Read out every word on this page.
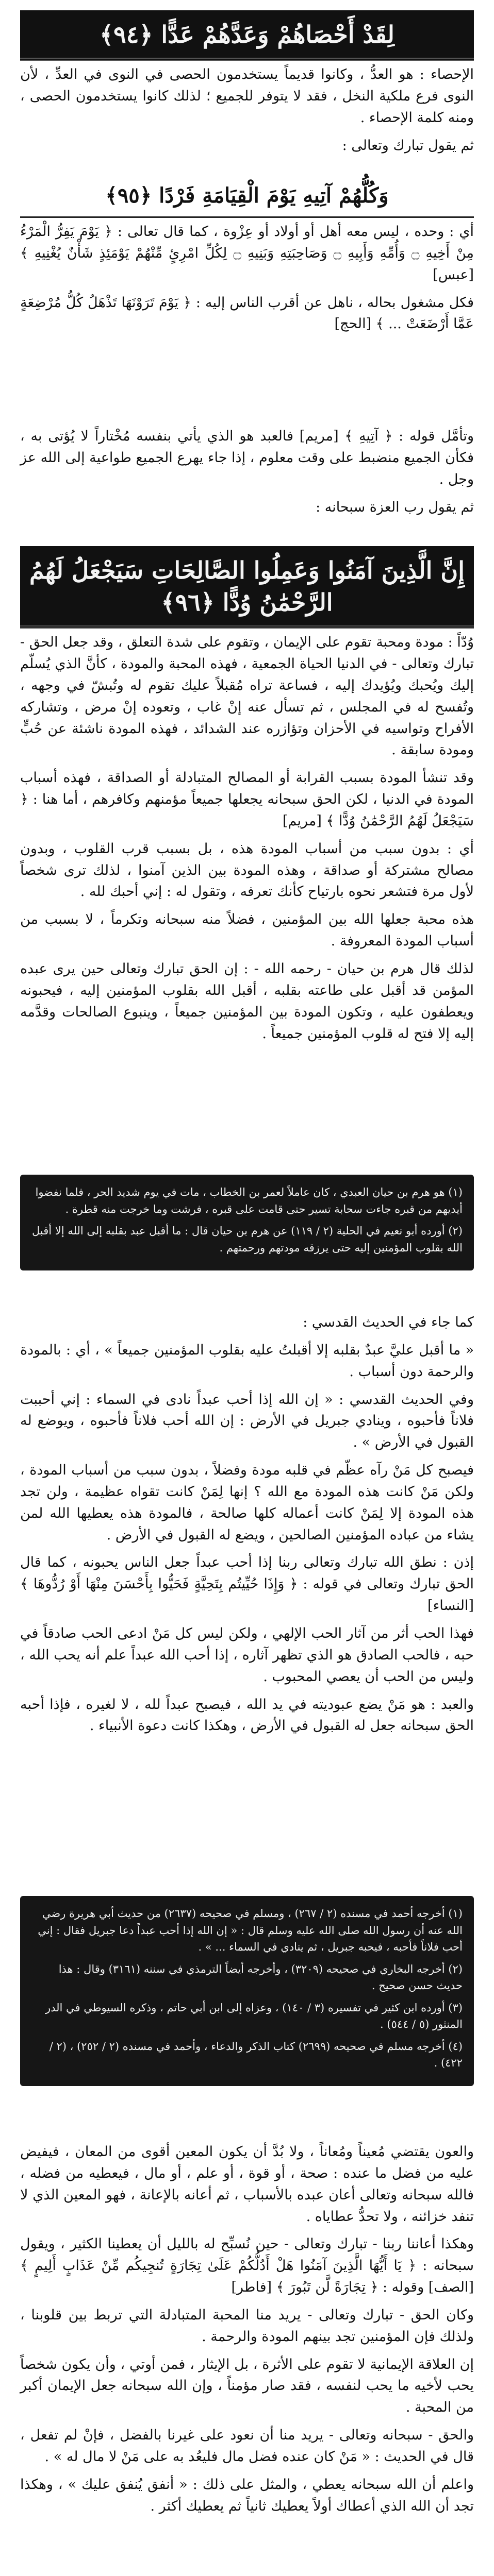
لِقَدْ أَحْصَاهُمْ وَعَدَّهُمْ عَدًّا ﴿٩٤﴾
الإحصاء : هو العدُّ ، وكانوا قديماً يستخدمون الحصى في النوى في العدِّ ، لأن النوى فرع ملكية النخل ، فقد لا يتوفر للجميع ؛ لذلك كانوا يستخدمون الحصى ، ومنه كلمة الإحصاء .
ثم يقول تبارك وتعالى :
وَكُلُّهُمْ آتِيهِ يَوْمَ الْقِيَامَةِ فَرْدًا ﴿٩٥﴾
أي : وحده ، ليس معه أهل أو أولاد أو عِزْوة ، كما قال تعالى : ﴿ يَوْمَ يَفِرُّ الْمَرْءُ مِنْ أَخِيهِ ۝ وَأُمِّهِ وَأَبِيهِ ۝ وَصَاحِبَتِهِ وَبَنِيهِ ۝ لِكُلِّ امْرِئٍ مِّنْهُمْ يَوْمَئِذٍ شَأْنٌ يُغْنِيهِ ﴾ [عبس]
فكل مشغول بحاله ، ناهل عن أقرب الناس إليه : ﴿ يَوْمَ تَرَوْنَهَا تَذْهَلُ كُلُّ مُرْضِعَةٍ عَمَّا أَرْضَعَتْ ... ﴾ [الحج]
وتأمَّل قوله : ﴿ آتِيهِ ﴾ [مريم] فالعبد هو الذي يأتي بنفسه مُخْتاراً لا يُؤتى به ، فكأن الجميع منضبط على وقت معلوم ، إذا جاء يهرع الجميع طواعية إلى الله عز وجل .
ثم يقول رب العزة سبحانه :
إِنَّ الَّذِينَ آمَنُوا وَعَمِلُوا الصَّالِحَاتِ سَيَجْعَلُ لَهُمُ الرَّحْمَٰنُ وُدًّا ﴿٩٦﴾
وُدّاً : مودة ومحبة تقوم على الإيمان ، وتقوم على شدة التعلق ، وقد جعل الحق - تبارك وتعالى - في الدنيا الحياة الجمعية ، فهذه المحبة والمودة ، كأنَّ الذي يُسلّم إليك ويُحبك ويُؤيدك إليه ، فساعة تراه مُقبلاً عليك تقوم له وتُبشّ في وجهه ، وتُفسح له في المجلس ، ثم تسأل عنه إنْ غاب ، وتعوده إنْ مرض ، وتشاركه الأفراح وتواسيه في الأحزان وتؤازره عند الشدائد ، فهذه المودة ناشئة عن حُبٍّ ومودة سابقة .
وقد تنشأ المودة بسبب القرابة أو المصالح المتبادلة أو الصداقة ، فهذه أسباب المودة في الدنيا ، لكن الحق سبحانه يجعلها جميعاً مؤمنهم وكافرهم ، أما هنا : ﴿ سَيَجْعَلُ لَهُمُ الرَّحْمَٰنُ وُدًّا ﴾ [مريم]
أي : بدون سبب من أسباب المودة هذه ، بل بسبب قرب القلوب ، وبدون مصالح مشتركة أو صداقة ، وهذه المودة بين الذين آمنوا ، لذلك ترى شخصاً لأول مرة فتشعر نحوه بارتياح كأنك تعرفه ، وتقول له : إني أحبك لله .
هذه محبة جعلها الله بين المؤمنين ، فضلاً منه سبحانه وتكرماً ، لا بسبب من أسباب المودة المعروفة .
لذلك قال هرم بن حيان - رحمه الله - : إن الحق تبارك وتعالى حين يرى عبده المؤمن قد أقبل على طاعته بقلبه ، أقبل الله بقلوب المؤمنين إليه ، فيحبونه ويعطفون عليه ، وتكون المودة بين المؤمنين جميعاً ، وينبوع الصالحات وقدَّمه إليه إلا فتح له قلوب المؤمنين جميعاً .
(١) هو هرم بن حيان العبدي ، كان عاملاً لعمر بن الخطاب ، مات في يوم شديد الحر ، فلما نفضوا أيديهم من قبره جاءت سحابة تسير حتى قامت على قبره ، فرشت وما خرجت منه قطرة .
(٢) أورده أبو نعيم في الحلية (٢ / ١١٩) عن هرم بن حيان قال : ما أقبل عبد بقلبه إلى الله إلا أقبل الله بقلوب المؤمنين إليه حتى يرزقه مودتهم ورحمتهم .
كما جاء في الحديث القدسي :
« ما أقبل عليَّ عبدٌ بقلبه إلا أقبلتُ عليه بقلوب المؤمنين جميعاً » ، أي : بالمودة والرحمة دون أسباب .
وفي الحديث القدسي : « إن الله إذا أحب عبداً نادى في السماء : إني أحببت فلاناً فأحبوه ، وينادي جبريل في الأرض : إن الله أحب فلاناً فأحبوه ، ويوضع له القبول في الأرض » .
فيصبح كل مَنْ رآه عظّم في قلبه مودة وفضلاً ، بدون سبب من أسباب المودة ، ولكن مَنْ كانت هذه المودة مع الله ؟ إنها لِمَنْ كانت تقواه عظيمة ، ولن تجد هذه المودة إلا لِمَنْ كانت أعماله كلها صالحة ، فالمودة هذه يعطيها الله لمن يشاء من عباده المؤمنين الصالحين ، ويضع له القبول في الأرض .
إذن : نطق الله تبارك وتعالى ربنا إذا أحب عبداً جعل الناس يحبونه ، كما قال الحق تبارك وتعالى في قوله : ﴿ وَإِذَا حُيِّيتُم بِتَحِيَّةٍ فَحَيُّوا بِأَحْسَنَ مِنْهَا أَوْ رُدُّوهَا ﴾ [النساء]
فهذا الحب أثر من آثار الحب الإلهي ، ولكن ليس كل مَنْ ادعى الحب صادقاً في حبه ، فالحب الصادق هو الذي تظهر آثاره ، إذا أحب الله عبداً علم أنه يحب الله ، وليس من الحب أن يعصي المحبوب .
والعبد : هو مَنْ يضع عبوديته في يد الله ، فيصبح عبداً لله ، لا لغيره ، فإذا أحبه الحق سبحانه جعل له القبول في الأرض ، وهكذا كانت دعوة الأنبياء .
(١) أخرجه أحمد في مسنده (٢ / ٢٦٧) ، ومسلم في صحيحه (٢٦٣٧) من حديث أبي هريرة رضي الله عنه أن رسول الله صلى الله عليه وسلم قال : « إن الله إذا أحب عبداً دعا جبريل فقال : إني أحب فلاناً فأحبه ، فيحبه جبريل ، ثم ينادي في السماء ... » .
(٢) أخرجه البخاري في صحيحه (٣٢٠٩) ، وأخرجه أيضاً الترمذي في سننه (٣١٦١) وقال : هذا حديث حسن صحيح .
(٣) أورده ابن كثير في تفسيره (٣ / ١٤٠) ، وعزاه إلى ابن أبي حاتم ، وذكره السيوطي في الدر المنثور (٥ / ٥٤٤) .
(٤) أخرجه مسلم في صحيحه (٢٦٩٩) كتاب الذكر والدعاء ، وأحمد في مسنده (٢ / ٢٥٢) ، (٢ / ٤٢٢) .
والعون يقتضي مُعيناً ومُعاناً ، ولا بُدَّ أن يكون المعين أقوى من المعان ، فيفيض عليه من فضل ما عنده : صحة ، أو قوة ، أو علم ، أو مال ، فيعطيه من فضله ، فالله سبحانه وتعالى أعان عبده بالأسباب ، ثم أعانه بالإعانة ، فهو المعين الذي لا تنفد خزائنه ، ولا تحدُّ عطاياه .
وهكذا أعاننا ربنا - تبارك وتعالى - حين نُسبِّح له بالليل أن يعطينا الكثير ، ويقول سبحانه : ﴿ يَا أَيُّهَا الَّذِينَ آمَنُوا هَلْ أَدُلُّكُمْ عَلَىٰ تِجَارَةٍ تُنجِيكُم مِّنْ عَذَابٍ أَلِيمٍ ﴾ [الصف] وقوله : ﴿ تِجَارَةً لَّن تَبُورَ ﴾ [فاطر]
وكان الحق - تبارك وتعالى - يريد منا المحبة المتبادلة التي تربط بين قلوبنا ، ولذلك فإن المؤمنين تجد بينهم المودة والرحمة .
إن العلاقة الإيمانية لا تقوم على الأثرة ، بل الإيثار ، فمن أوتي ، وأن يكون شخصاً يحب لأخيه ما يحب لنفسه ، فقد صار مؤمناً ، وإن الله سبحانه جعل الإيمان أكبر من المحبة .
والحق - سبحانه وتعالى - يريد منا أن نعود على غيرنا بالفضل ، فإنْ لم تفعل ، قال في الحديث : « مَنْ كان عنده فضل مال فليعُد به على مَنْ لا مال له » .
واعلم أن الله سبحانه يعطي ، والمثل على ذلك : « أنفق يُنفق عليك » ، وهكذا تجد أن الله الذي أعطاك أولاً يعطيك ثانياً ثم يعطيك أكثر .
